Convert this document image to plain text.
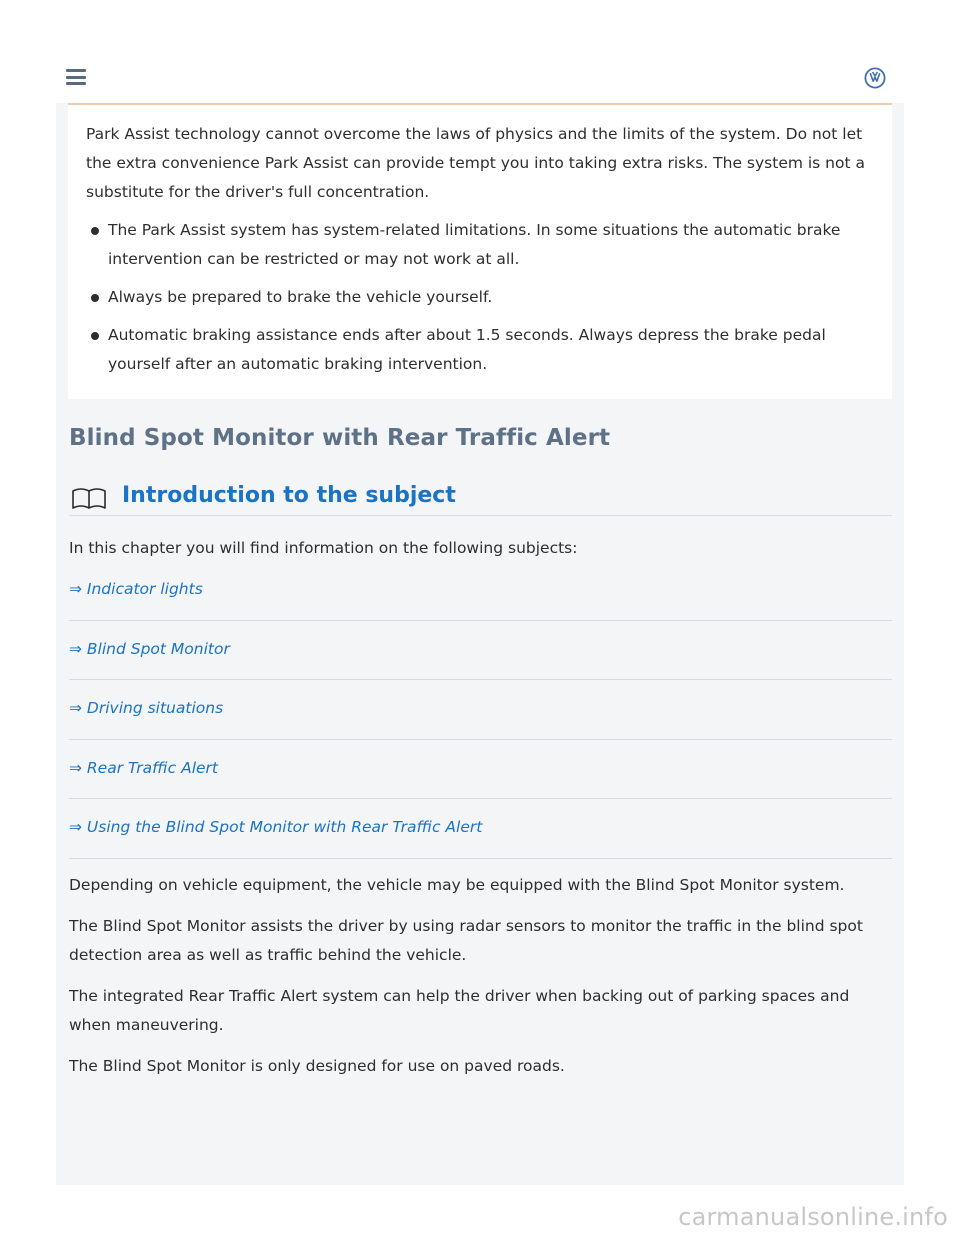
Park Assist technology cannot overcome the laws of physics and the limits of the system. Do not let the extra convenience Park Assist can provide tempt you into taking extra risks. The system is not a substitute for the driver's full concentration.

The Park Assist system has system-related limitations. In some situations the automatic brake intervention can be restricted or may not work at all.
Always be prepared to brake the vehicle yourself.
Automatic braking assistance ends after about 1.5 seconds. Always depress the brake pedal yourself after an automatic braking intervention.
Blind Spot Monitor with Rear Traffic Alert
Introduction to the subject

In this chapter you will find information on the following subjects:

⇒ Indicator lights
⇒ Blind Spot Monitor
⇒ Driving situations
⇒ Rear Traffic Alert
⇒ Using the Blind Spot Monitor with Rear Traffic Alert

Depending on vehicle equipment, the vehicle may be equipped with the Blind Spot Monitor system.

The Blind Spot Monitor assists the driver by using radar sensors to monitor the traffic in the blind spot detection area as well as traffic behind the vehicle.

The integrated Rear Traffic Alert system can help the driver when backing out of parking spaces and when maneuvering.

The Blind Spot Monitor is only designed for use on paved roads.

carmanualsonline.info
